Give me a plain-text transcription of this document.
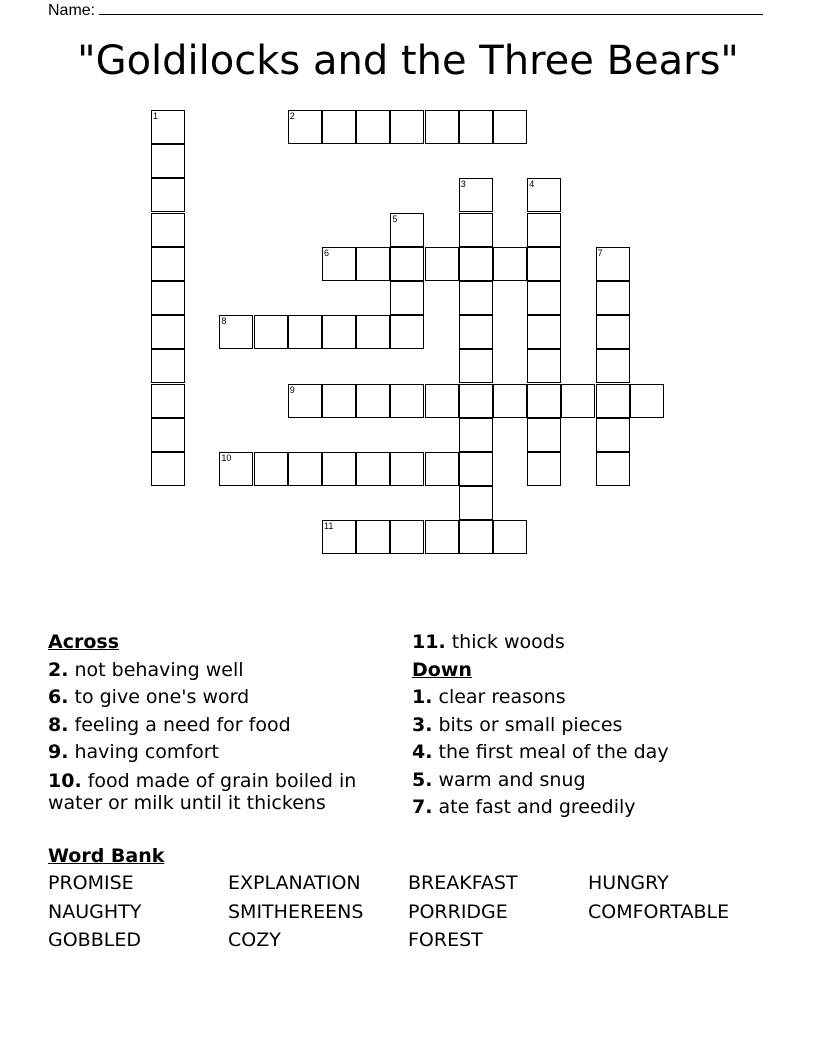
Name:
"Goldilocks and the Three Bears"
1	2
3	4
5
6	7
8
9
10
11
Across
2. not behaving well
6. to give one's word
8. feeling a need for food
9. having comfort
10. food made of grain boiled in water or milk until it thickens
11. thick woods
Down
1. clear reasons
3. bits or small pieces
4. the first meal of the day
5. warm and snug
7. ate fast and greedily
Word Bank
PROMISE	EXPLANATION	BREAKFAST	HUNGRY
NAUGHTY	SMITHEREENS	PORRIDGE	COMFORTABLE
GOBBLED	COZY	FOREST
